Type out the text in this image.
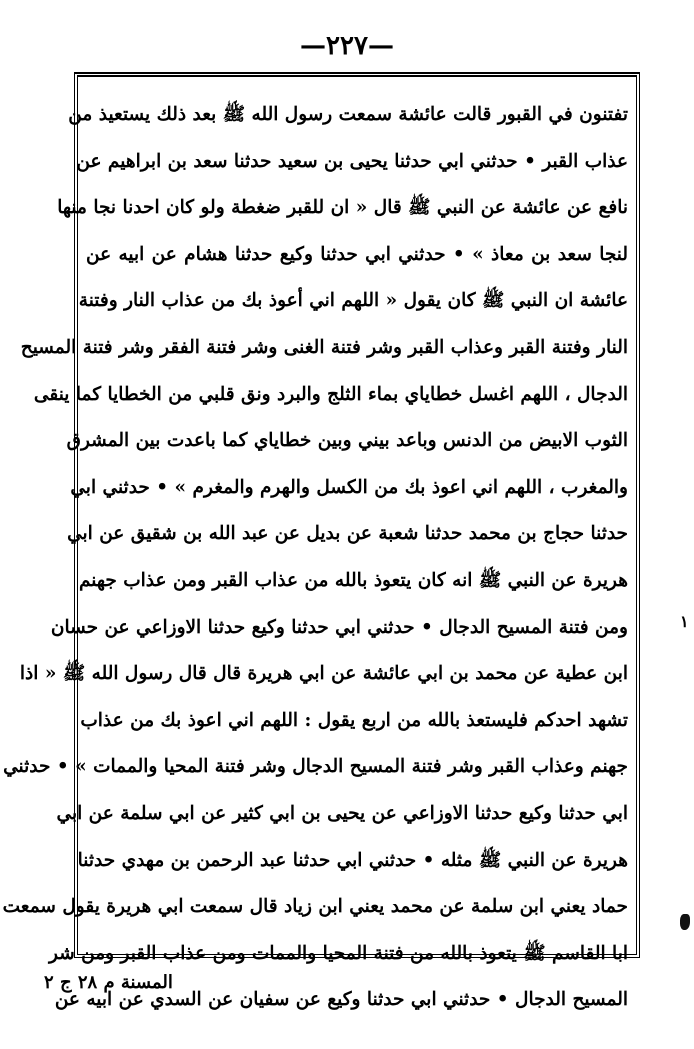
—٢٢٧—
تفتنون في القبور قالت عائشة سمعت رسول الله ﷺ بعد ذلك يستعيذ من
عذاب القبر • حدثني ابي حدثنا يحيى بن سعيد حدثنا سعد بن ابراهيم عن
نافع عن عائشة عن النبي ﷺ قال « ان للقبر ضغطة ولو كان احدنا نجا منها
لنجا سعد بن معاذ » • حدثني ابي حدثنا وكيع حدثنا هشام عن ابيه عن
عائشة ان النبي ﷺ كان يقول « اللهم اني أعوذ بك من عذاب النار وفتنة
النار وفتنة القبر وعذاب القبر وشر فتنة الغنى وشر فتنة الفقر وشر فتنة المسيح
الدجال ، اللهم اغسل خطاياي بماء الثلج والبرد ونق قلبي من الخطايا كما ينقى
الثوب الابيض من الدنس وباعد بيني وبين خطاياي كما باعدت بين المشرق
والمغرب ، اللهم اني اعوذ بك من الكسل والهرم والمغرم » • حدثني ابي
حدثنا حجاج بن محمد حدثنا شعبة عن بديل عن عبد الله بن شقيق عن ابي
هريرة عن النبي ﷺ انه كان يتعوذ بالله من عذاب القبر ومن عذاب جهنم
ومن فتنة المسيح الدجال • حدثني ابي حدثنا وكيع حدثنا الاوزاعي عن حسان
ابن عطية عن محمد بن ابي عائشة عن ابي هريرة قال قال رسول الله ﷺ « اذا
تشهد احدكم فليستعذ بالله من اربع يقول : اللهم اني اعوذ بك من عذاب
جهنم وعذاب القبر وشر فتنة المسيح الدجال وشر فتنة المحيا والممات » • حدثني
ابي حدثنا وكيع حدثنا الاوزاعي عن يحيى بن ابي كثير عن ابي سلمة عن ابي
هريرة عن النبي ﷺ مثله • حدثني ابي حدثنا عبد الرحمن بن مهدي حدثنا
حماد يعني ابن سلمة عن محمد يعني ابن زياد قال سمعت ابي هريرة يقول سمعت
ابا القاسم ﷺ يتعوذ بالله من فتنة المحيا والممات ومن عذاب القبر ومن شر
المسيح الدجال • حدثني ابي حدثنا وكيع عن سفيان عن السدي عن ابيه عن
المسنة م ٢٨ ج ٢
١
